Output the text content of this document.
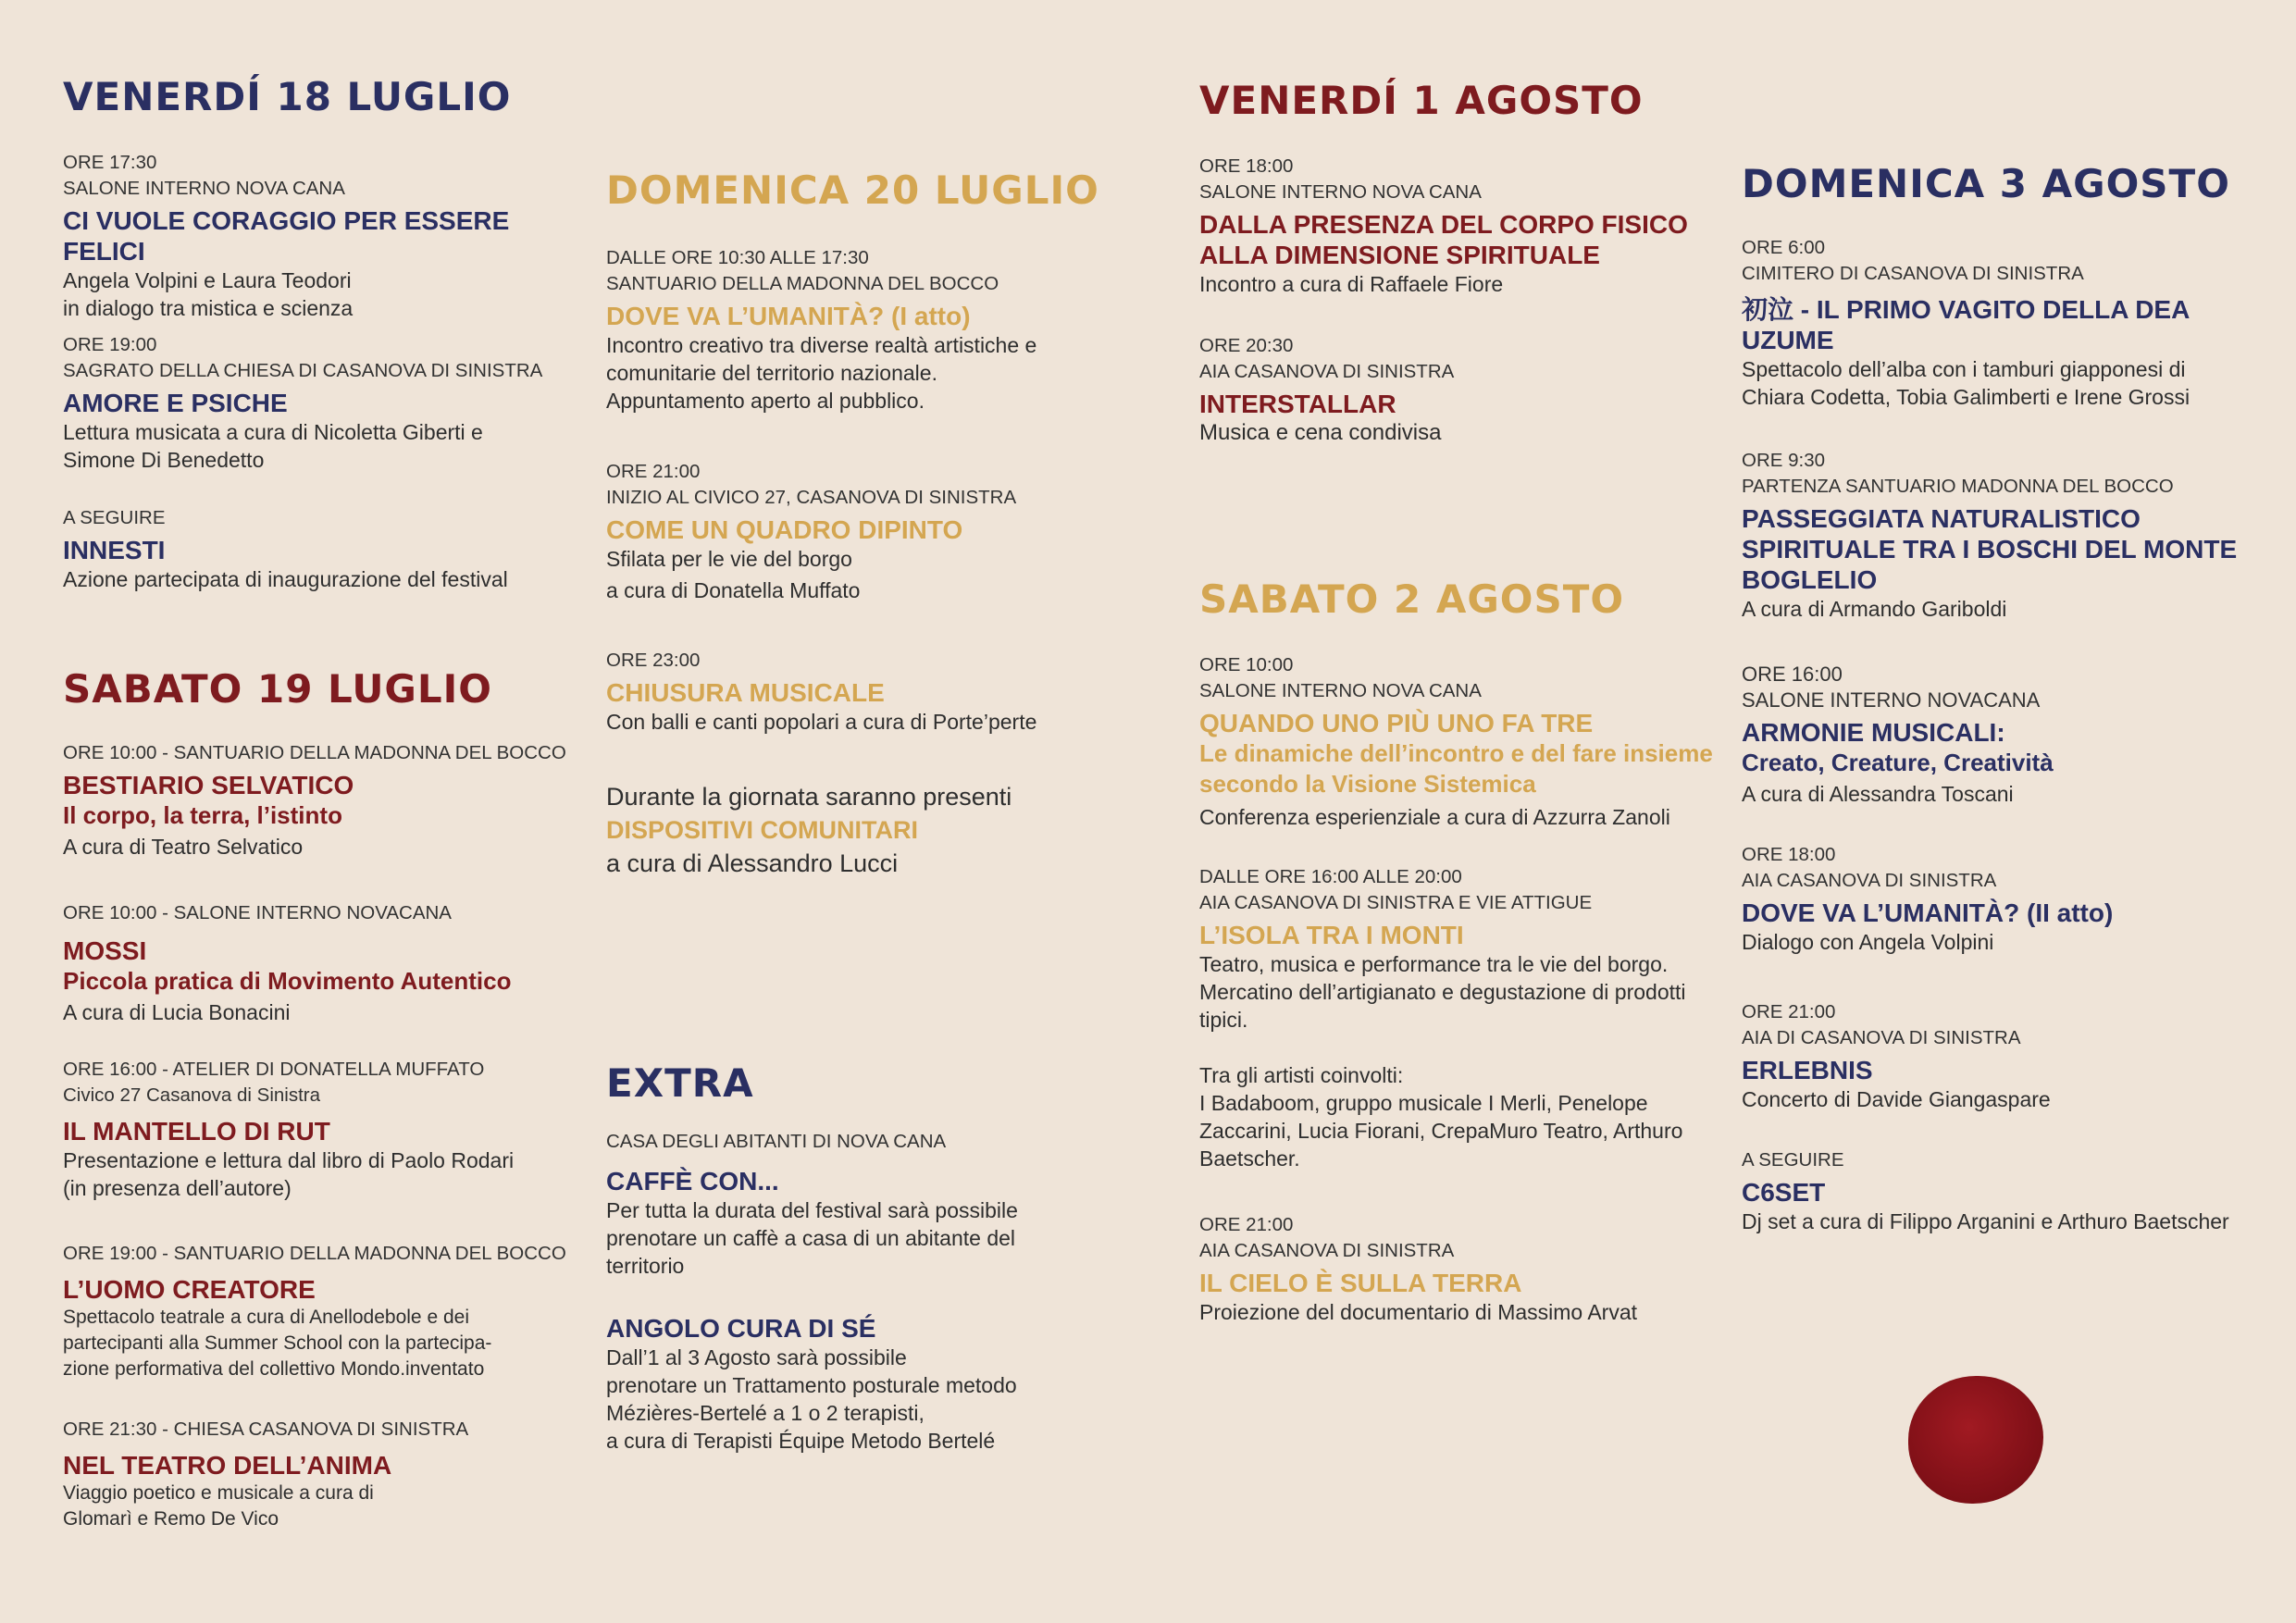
VENERDÍ 18 LUGLIO
ORE 17:30
SALONE INTERNO NOVA CANA
CI VUOLE CORAGGIO PER ESSERE FELICI
Angela Volpini e Laura Teodori
in dialogo tra mistica e scienza
ORE 19:00
SAGRATO DELLA CHIESA DI CASANOVA DI SINISTRA
AMORE E PSICHE
Lettura musicata a cura di Nicoletta Giberti e
Simone Di Benedetto
A SEGUIRE
INNESTI
Azione partecipata di inaugurazione del festival
SABATO 19 LUGLIO
ORE 10:00 - SANTUARIO DELLA MADONNA DEL BOCCO
BESTIARIO SELVATICO
Il corpo, la terra, l’istinto
A cura di Teatro Selvatico
ORE 10:00 - SALONE INTERNO NOVACANA
MOSSI
Piccola pratica di Movimento Autentico
A cura di Lucia Bonacini
ORE 16:00 - ATELIER DI DONATELLA MUFFATO
Civico 27 Casanova di Sinistra
IL MANTELLO DI RUT
Presentazione e lettura dal libro di Paolo Rodari
(in presenza dell’autore)
ORE 19:00 - SANTUARIO DELLA MADONNA DEL BOCCO
L’UOMO CREATORE
Spettacolo teatrale a cura di Anellodebole e dei
partecipanti alla Summer School con la partecipa-
zione performativa del collettivo Mondo.inventato
ORE 21:30 - CHIESA CASANOVA DI SINISTRA
NEL TEATRO DELL’ANIMA
Viaggio poetico e musicale a cura di
Glomarì e Remo De Vico
DOMENICA 20 LUGLIO
DALLE ORE 10:30 ALLE 17:30
SANTUARIO DELLA MADONNA DEL BOCCO
DOVE VA L’UMANITÀ? (I atto)
Incontro creativo tra diverse realtà artistiche e
comunitarie del territorio nazionale.
Appuntamento aperto al pubblico.
ORE 21:00
INIZIO AL CIVICO 27, CASANOVA DI SINISTRA
COME UN QUADRO DIPINTO
Sfilata per le vie del borgo
a cura di Donatella Muffato
ORE 23:00
CHIUSURA MUSICALE
Con balli e canti popolari a cura di Porte’perte
Durante la giornata saranno presenti
DISPOSITIVI COMUNITARI
a cura di Alessandro Lucci
EXTRA
CASA DEGLI ABITANTI DI NOVA CANA
CAFFÈ CON...
Per tutta la durata del festival sarà possibile
prenotare un caffè a casa di un abitante del
territorio
ANGOLO CURA DI SÉ
Dall’1 al 3 Agosto sarà possibile
prenotare un Trattamento posturale metodo
Mézières-Bertelé a 1 o 2 terapisti,
a cura di Terapisti Équipe Metodo Bertelé
VENERDÍ 1 AGOSTO
ORE 18:00
SALONE INTERNO NOVA CANA
DALLA PRESENZA DEL CORPO FISICO ALLA DIMENSIONE SPIRITUALE
Incontro a cura di Raffaele Fiore
ORE 20:30
AIA CASANOVA DI SINISTRA
INTERSTALLAR
Musica e cena condivisa
SABATO 2 AGOSTO
ORE 10:00
SALONE INTERNO NOVA CANA
QUANDO UNO PIÙ UNO FA TRE
Le dinamiche dell’incontro e del fare insieme secondo la Visione Sistemica
Conferenza esperienziale a cura di Azzurra Zanoli
DALLE ORE 16:00 ALLE 20:00
AIA CASANOVA DI SINISTRA E VIE ATTIGUE
L’ISOLA TRA I MONTI
Teatro, musica e performance tra le vie del borgo.
Mercatino dell’artigianato e degustazione di prodotti
tipici.
Tra gli artisti coinvolti:
I Badaboom, gruppo musicale I Merli, Penelope
Zaccarini, Lucia Fiorani, CrepaMuro Teatro, Arthuro
Baetscher.
ORE 21:00
AIA CASANOVA DI SINISTRA
IL CIELO È SULLA TERRA
Proiezione del documentario di Massimo Arvat
DOMENICA 3 AGOSTO
ORE 6:00
CIMITERO DI CASANOVA DI SINISTRA
初泣 - IL PRIMO VAGITO DELLA DEA UZUME
Spettacolo dell’alba con i tamburi giapponesi di
Chiara Codetta, Tobia Galimberti e Irene Grossi
ORE 9:30
PARTENZA SANTUARIO MADONNA DEL BOCCO
PASSEGGIATA NATURALISTICO SPIRITUALE TRA I BOSCHI DEL MONTE BOGLELIO
A cura di Armando Gariboldi
ORE 16:00
SALONE INTERNO NOVACANA
ARMONIE MUSICALI:
Creato, Creature, Creatività
A cura di Alessandra Toscani
ORE 18:00
AIA CASANOVA DI SINISTRA
DOVE VA L’UMANITÀ? (II atto)
Dialogo con Angela Volpini
ORE 21:00
AIA DI CASANOVA DI SINISTRA
ERLEBNIS
Concerto di Davide Giangaspare
A SEGUIRE
C6SET
Dj set a cura di Filippo Arganini e Arthuro Baetscher
